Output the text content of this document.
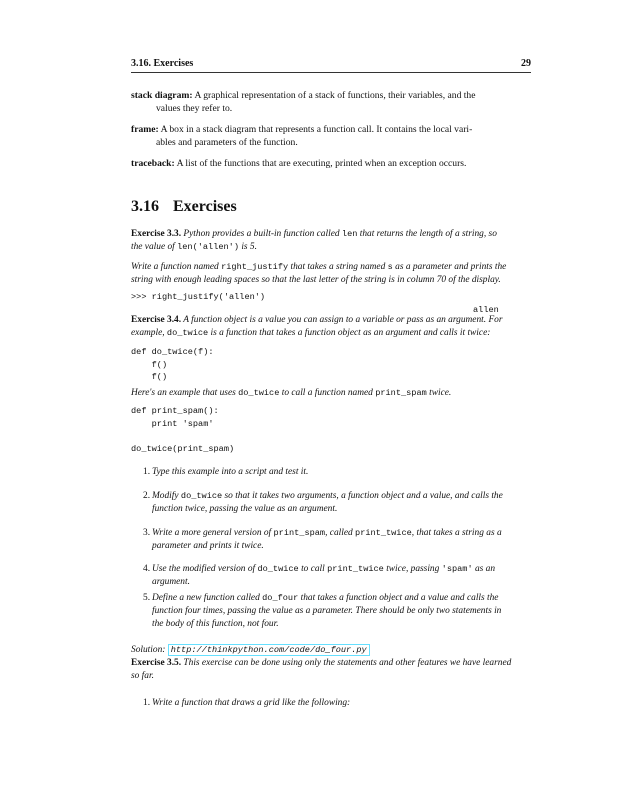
3.16. Exercises	29
stack diagram: A graphical representation of a stack of functions, their variables, and the
values they refer to.
frame: A box in a stack diagram that represents a function call. It contains the local vari-
ables and parameters of the function.
traceback: A list of the functions that are executing, printed when an exception occurs.
3.16 Exercises
Exercise 3.3. Python provides a built-in function called len that returns the length of a string, so
the value of len('allen') is 5.
Write a function named right_justify that takes a string named s as a parameter and prints the
string with enough leading spaces so that the last letter of the string is in column 70 of the display.
>>> right_justify('allen')
allen
Exercise 3.4. A function object is a value you can assign to a variable or pass as an argument. For
example, do_twice is a function that takes a function object as an argument and calls it twice:
def do_twice(f):
f()
f()
Here's an example that uses do_twice to call a function named print_spam twice.
def print_spam():
print 'spam'

do_twice(print_spam)
1. Type this example into a script and test it.
2. Modify do_twice so that it takes two arguments, a function object and a value, and calls the
function twice, passing the value as an argument.
3. Write a more general version of print_spam, called print_twice, that takes a string as a
parameter and prints it twice.
4. Use the modified version of do_twice to call print_twice twice, passing 'spam' as an
argument.
5. Define a new function called do_four that takes a function object and a value and calls the
function four times, passing the value as a parameter. There should be only two statements in
the body of this function, not four.
Solution: http://thinkpython.com/code/do_four.py
Exercise 3.5. This exercise can be done using only the statements and other features we have learned
so far.
1. Write a function that draws a grid like the following:
